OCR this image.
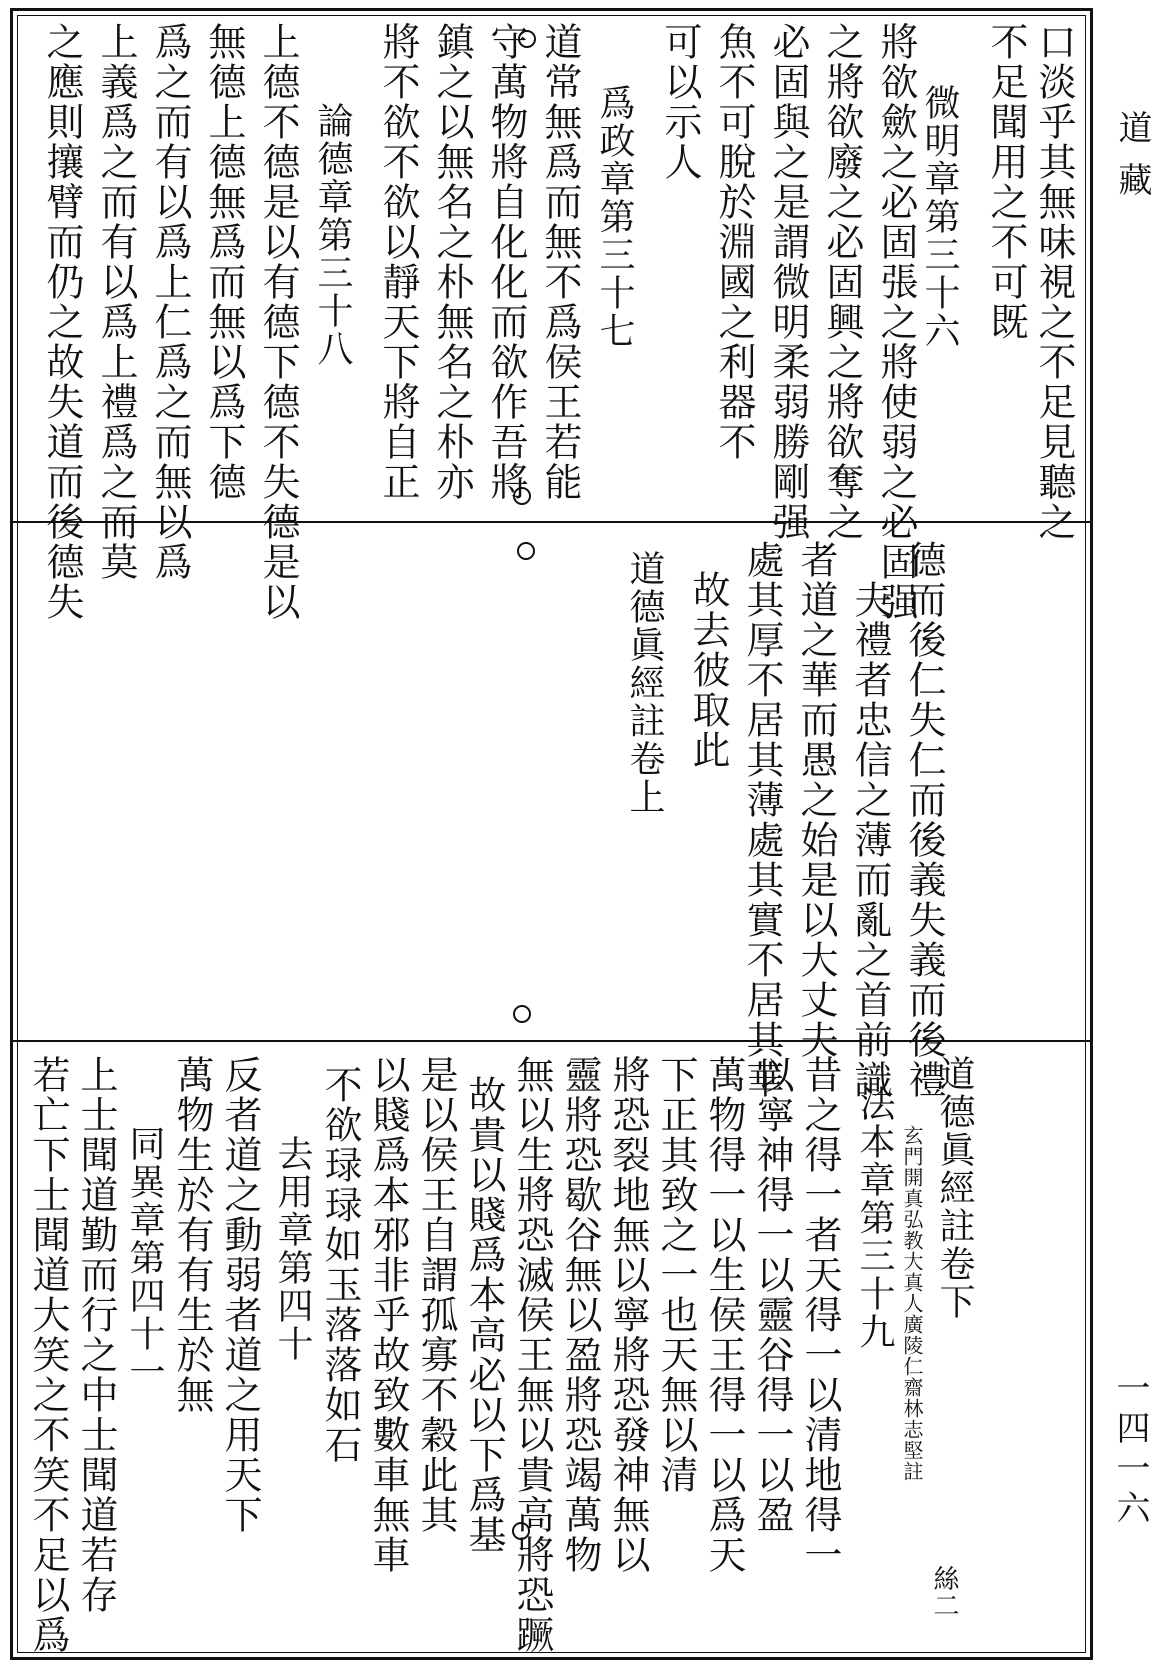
道藏
一四一六
口淡乎其無味視之不足見聽之
不足聞用之不可既
微明章第三十六
將欲歛之必固張之將使弱之必固强
之將欲廢之必固興之將欲奪之
必固與之是謂微明柔弱勝剛强
魚不可脫於淵國之利器不
可以示人
爲政章第三十七
道常無爲而無不爲侯王若能
守萬物將自化化而欲作吾將
鎮之以無名之朴無名之朴亦
將不欲不欲以靜天下將自正
論德章第三十八
上德不德是以有德下德不失德是以
無德上德無爲而無以爲下德
爲之而有以爲上仁爲之而無以爲
上義爲之而有以爲上禮爲之而莫
之應則攘臂而仍之故失道而後德失
德而後仁失仁而後義失義而後禮
夫禮者忠信之薄而亂之首前識
者道之華而愚之始是以大丈夫
處其厚不居其薄處其實不居其華
故去彼取此
道德眞經註卷上
道德眞經註卷下
玄門開真弘教大真人廣陵仁齋林志堅註
法本章第三十九
昔之得一者天得一以清地得一
以寧神得一以靈谷得一以盈
萬物得一以生侯王得一以爲天
下正其致之一也天無以清
將恐裂地無以寧將恐發神無以
靈將恐歇谷無以盈將恐竭萬物
無以生將恐滅侯王無以貴高將恐蹶
故貴以賤爲本高必以下爲基
是以侯王自謂孤寡不穀此其
以賤爲本邪非乎故致數車無車
不欲琭琭如玉落落如石
去用章第四十
反者道之動弱者道之用天下
萬物生於有有生於無
同異章第四十一
上士聞道勤而行之中士聞道若存
若亡下士聞道大笑之不笑不足以爲	絲二
